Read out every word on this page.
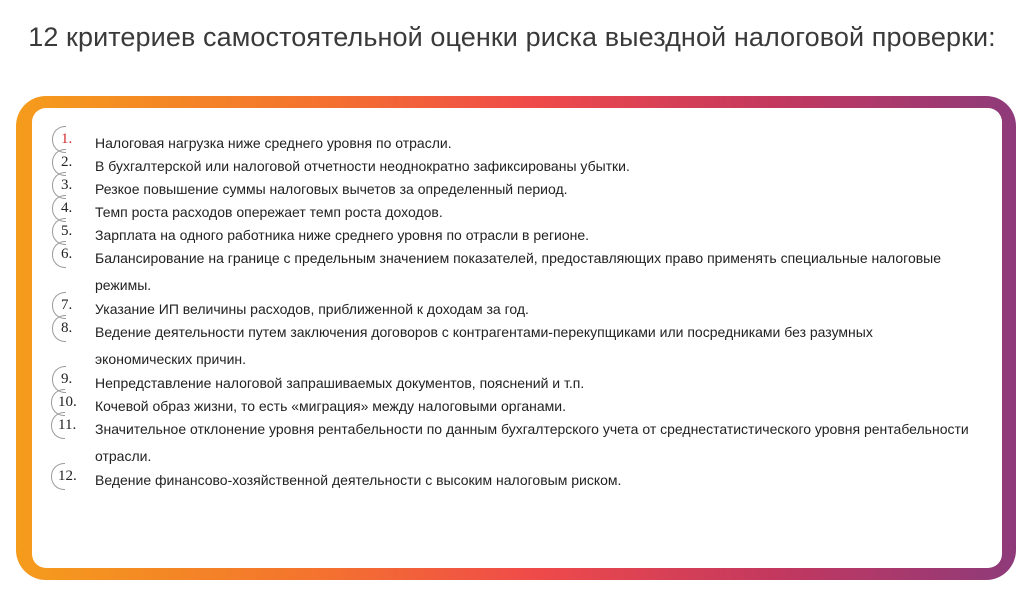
12 критериев самостоятельной оценки риска выездной налоговой проверки:
1.	Налоговая нагрузка ниже среднего уровня по отрасли.
2.	В бухгалтерской или налоговой отчетности неоднократно зафиксированы убытки.
3.	Резкое повышение суммы налоговых вычетов за определенный период.
4.	Темп роста расходов опережает темп роста доходов.
5.	Зарплата на одного работника ниже среднего уровня по отрасли в регионе.
6.	Балансирование на границе с предельным значением показателей, предоставляющих право применять специальные налоговые режимы.
7.	Указание ИП величины расходов, приближенной к доходам за год.
8.	Ведение деятельности путем заключения договоров с контрагентами-перекупщиками или посредниками без разумных экономических причин.
9.	Непредставление налоговой запрашиваемых документов, пояснений и т.п.
10.	Кочевой образ жизни, то есть «миграция» между налоговыми органами.
11.	Значительное отклонение уровня рентабельности по данным бухгалтерского учета от среднестатистического уровня рентабельности отрасли.
12.	Ведение финансово-хозяйственной деятельности с высоким налоговым риском.
